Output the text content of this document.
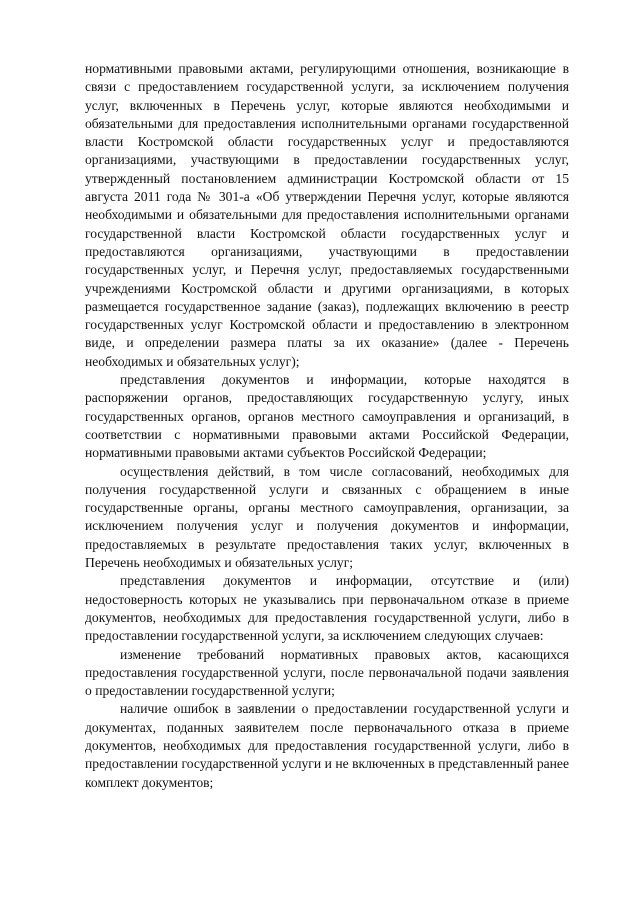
нормативными правовыми актами, регулирующими отношения, возникающие в связи с предоставлением государственной услуги, за исключением получения услуг, включенных в Перечень услуг, которые являются необходимыми и обязательными для предоставления исполнительными органами государственной власти Костромской области государственных услуг и предоставляются организациями, участвующими в предоставлении государственных услуг, утвержденный постановлением администрации Костромской области от 15 августа 2011 года № 301-а «Об утверждении Перечня услуг, которые являются необходимыми и обязательными для предоставления исполнительными органами государственной власти Костромской области государственных услуг и предоставляются организациями, участвующими в предоставлении государственных услуг, и Перечня услуг, предоставляемых государственными учреждениями Костромской области и другими организациями, в которых размещается государственное задание (заказ), подлежащих включению в реестр государственных услуг Костромской области и предоставлению в электронном виде, и определении размера платы за их оказание» (далее - Перечень необходимых и обязательных услуг);

представления документов и информации, которые находятся в распоряжении органов, предоставляющих государственную услугу, иных государственных органов, органов местного самоуправления и организаций, в соответствии с нормативными правовыми актами Российской Федерации, нормативными правовыми актами субъектов Российской Федерации;

осуществления действий, в том числе согласований, необходимых для получения государственной услуги и связанных с обращением в иные государственные органы, органы местного самоуправления, организации, за исключением получения услуг и получения документов и информации, предоставляемых в результате предоставления таких услуг, включенных в Перечень необходимых и обязательных услуг;

представления документов и информации, отсутствие и (или) недостоверность которых не указывались при первоначальном отказе в приеме документов, необходимых для предоставления государственной услуги, либо в предоставлении государственной услуги, за исключением следующих случаев:

изменение требований нормативных правовых актов, касающихся предоставления государственной услуги, после первоначальной подачи заявления о предоставлении государственной услуги;

наличие ошибок в заявлении о предоставлении государственной услуги и документах, поданных заявителем после первоначального отказа в приеме документов, необходимых для предоставления государственной услуги, либо в предоставлении государственной услуги и не включенных в представленный ранее комплект документов;
